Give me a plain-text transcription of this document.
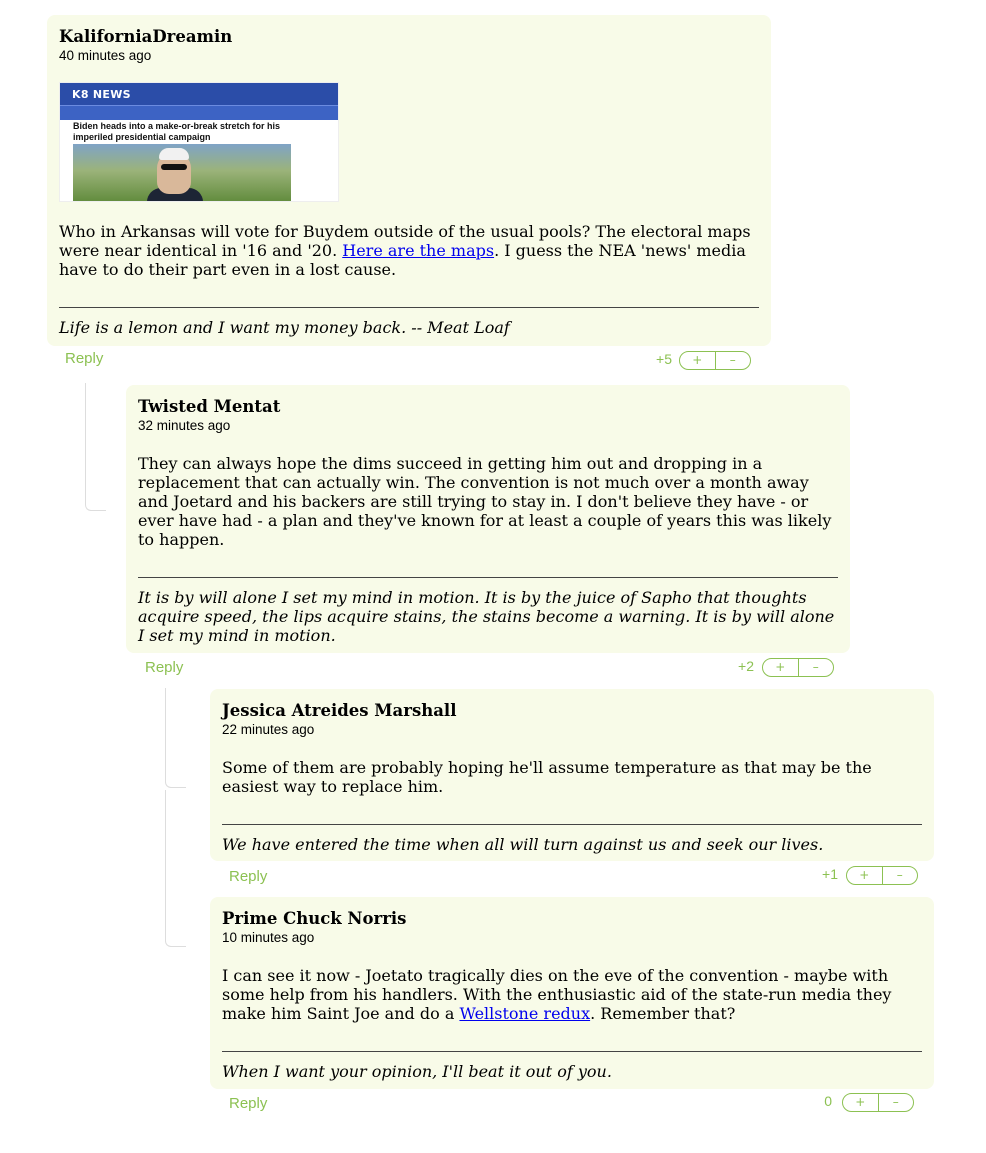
KaliforniaDreamin
40 minutes ago
K8 NEWS
Biden heads into a make-or-break stretch for his imperiled presidential campaign
Who in Arkansas will vote for Buydem outside of the usual pools? The electoral maps were near identical in '16 and '20. Here are the maps. I guess the NEA 'news' media have to do their part even in a lost cause.
Life is a lemon and I want my money back. -- Meat Loaf
Reply	+5	+	–
Twisted Mentat
32 minutes ago
They can always hope the dims succeed in getting him out and dropping in a replacement that can actually win. The convention is not much over a month away and Joetard and his backers are still trying to stay in. I don't believe they have - or ever have had - a plan and they've known for at least a couple of years this was likely to happen.
It is by will alone I set my mind in motion. It is by the juice of Sapho that thoughts acquire speed, the lips acquire stains, the stains become a warning. It is by will alone I set my mind in motion.
Reply	+2	+	–
Jessica Atreides Marshall
22 minutes ago
Some of them are probably hoping he'll assume temperature as that may be the easiest way to replace him.
We have entered the time when all will turn against us and seek our lives.
Reply	+1	+	–
Prime Chuck Norris
10 minutes ago
I can see it now - Joetato tragically dies on the eve of the convention - maybe with some help from his handlers. With the enthusiastic aid of the state-run media they make him Saint Joe and do a Wellstone redux. Remember that?
When I want your opinion, I'll beat it out of you.
Reply	0	+	–
